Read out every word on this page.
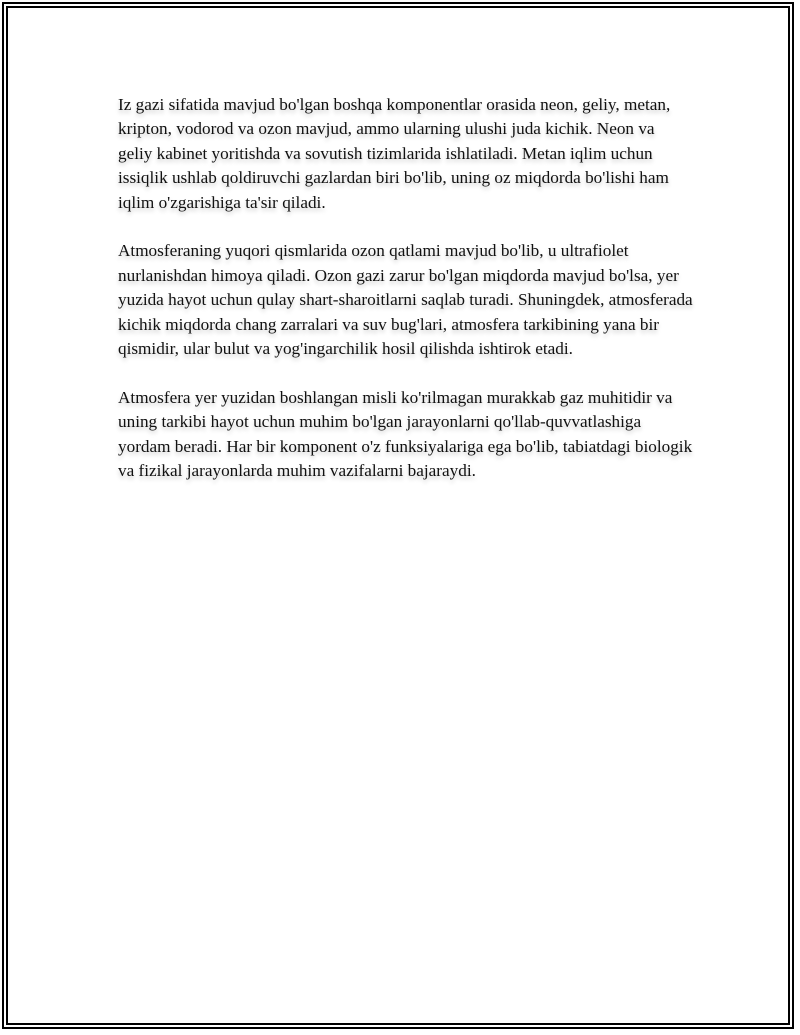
Iz gazi sifatida mavjud bo'lgan boshqa komponentlar orasida neon, geliy, metan, kripton, vodorod va ozon mavjud, ammo ularning ulushi juda kichik. Neon va geliy kabinet yoritishda va sovutish tizimlarida ishlatiladi. Metan iqlim uchun issiqlik ushlab qoldiruvchi gazlardan biri bo'lib, uning oz miqdorda bo'lishi ham iqlim o'zgarishiga ta'sir qiladi.

Atmosferaning yuqori qismlarida ozon qatlami mavjud bo'lib, u ultrafiolet nurlanishdan himoya qiladi. Ozon gazi zarur bo'lgan miqdorda mavjud bo'lsa, yer yuzida hayot uchun qulay shart-sharoitlarni saqlab turadi. Shuningdek, atmosferada kichik miqdorda chang zarralari va suv bug'lari, atmosfera tarkibining yana bir qismidir, ular bulut va yog'ingarchilik hosil qilishda ishtirok etadi.

Atmosfera yer yuzidan boshlangan misli ko'rilmagan murakkab gaz muhitidir va uning tarkibi hayot uchun muhim bo'lgan jarayonlarni qo'llab-quvvatlashiga yordam beradi. Har bir komponent o'z funksiyalariga ega bo'lib, tabiatdagi biologik va fizikal jarayonlarda muhim vazifalarni bajaraydi.
